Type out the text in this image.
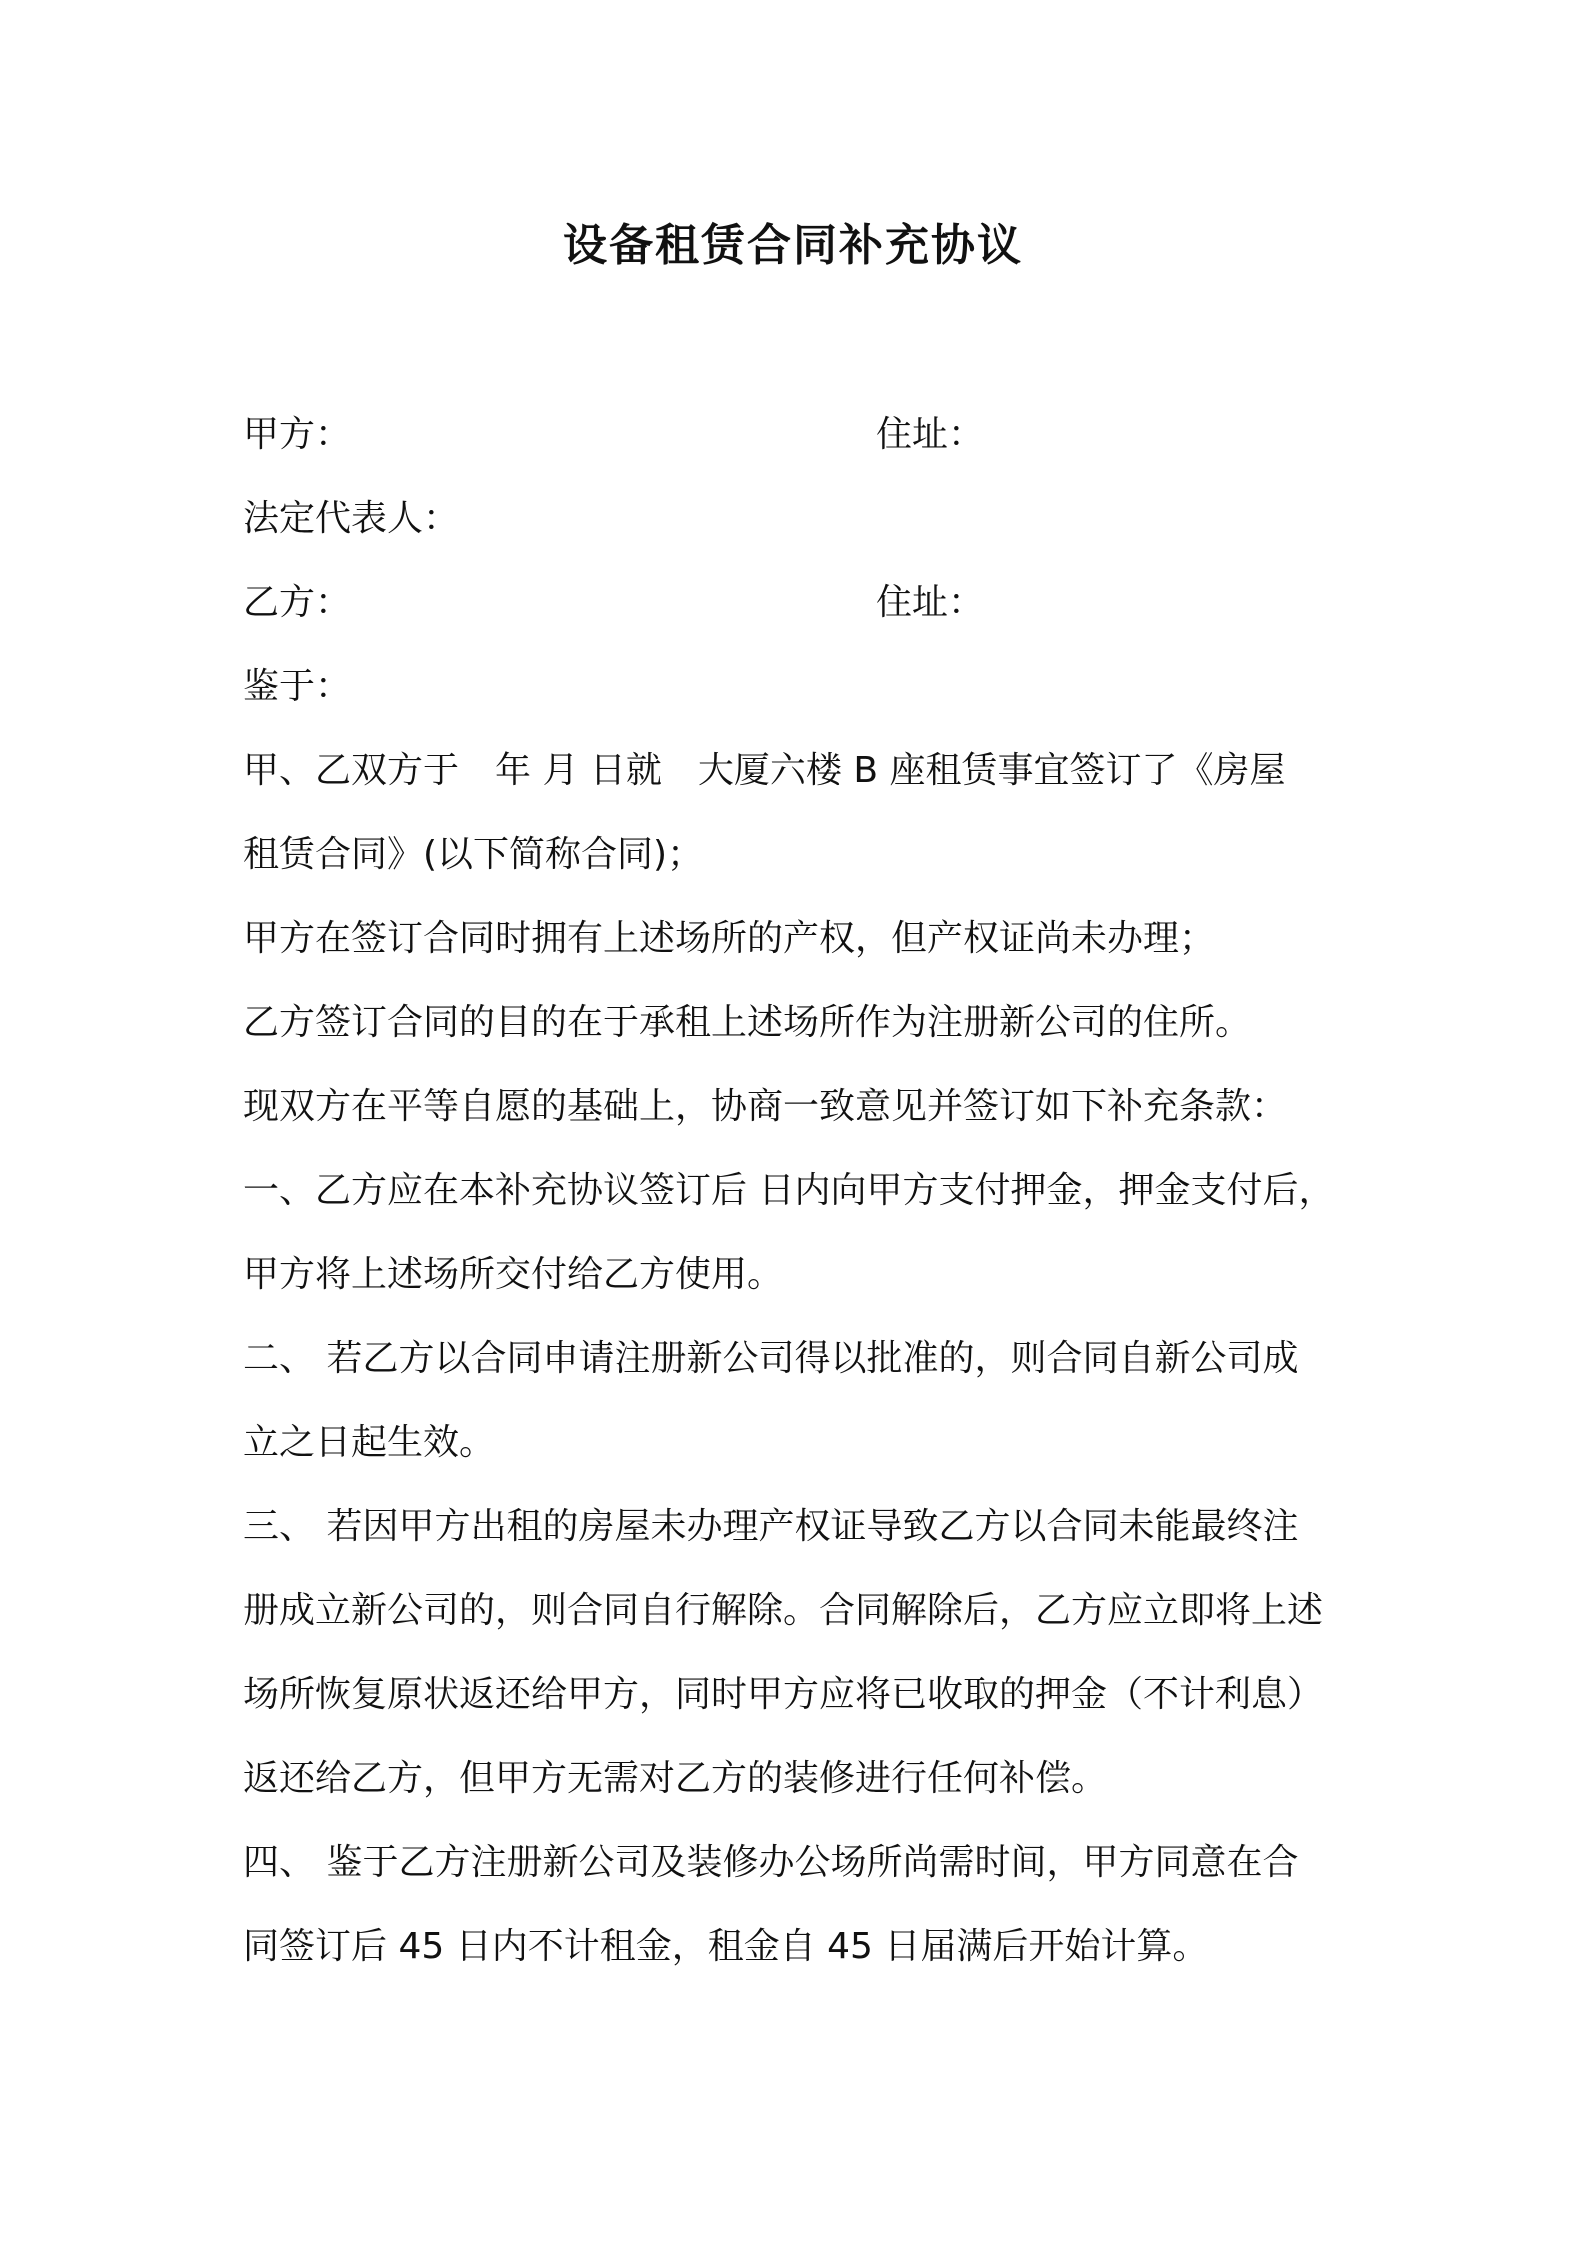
设备租赁合同补充协议

甲方：	住址：

法定代表人：

乙方：	住址：

鉴于：

甲、乙双方于　年 月 日就　大厦六楼 B 座租赁事宜签订了《房屋

租赁合同》(以下简称合同)；

甲方在签订合同时拥有上述场所的产权，但产权证尚未办理；

乙方签订合同的目的在于承租上述场所作为注册新公司的住所。

现双方在平等自愿的基础上，协商一致意见并签订如下补充条款：

一、乙方应在本补充协议签订后 日内向甲方支付押金，押金支付后，

甲方将上述场所交付给乙方使用。

二、 若乙方以合同申请注册新公司得以批准的，则合同自新公司成

立之日起生效。

三、 若因甲方出租的房屋未办理产权证导致乙方以合同未能最终注

册成立新公司的，则合同自行解除。合同解除后，乙方应立即将上述

场所恢复原状返还给甲方，同时甲方应将已收取的押金（不计利息）

返还给乙方，但甲方无需对乙方的装修进行任何补偿。

四、 鉴于乙方注册新公司及装修办公场所尚需时间，甲方同意在合

同签订后 45 日内不计租金，租金自 45 日届满后开始计算。
